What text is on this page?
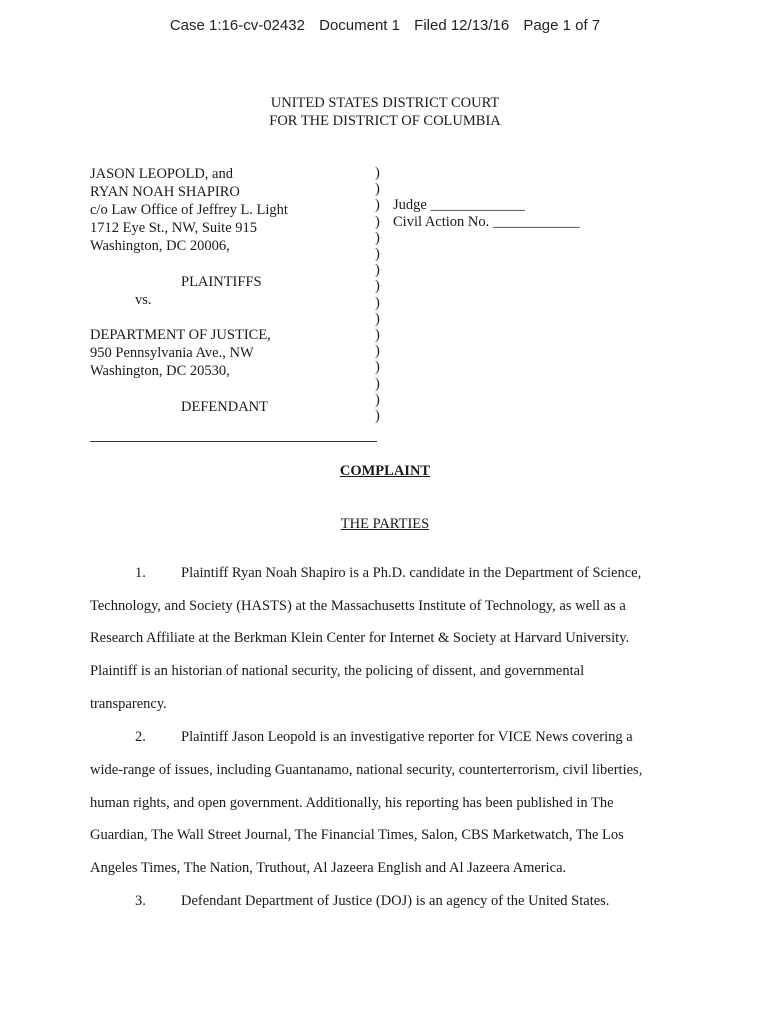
Case 1:16-cv-02432 Document 1 Filed 12/13/16 Page 1 of 7
UNITED STATES DISTRICT COURT
FOR THE DISTRICT OF COLUMBIA
JASON LEOPOLD, and
RYAN NOAH SHAPIRO
c/o Law Office of Jeffrey L. Light
1712 Eye St., NW, Suite 915
Washington, DC 20006,
PLAINTIFFS
vs.
DEPARTMENT OF JUSTICE,
950 Pennsylvania Ave., NW
Washington, DC 20530,
DEFENDANT
)
)
)
)
)
)
)
)
)
)
)
)
)
)
)
)
Judge _____________
Civil Action No. ____________
COMPLAINT
THE PARTIES
1. Plaintiff Ryan Noah Shapiro is a Ph.D. candidate in the Department of Science,
Technology, and Society (HASTS) at the Massachusetts Institute of Technology, as well as a
Research Affiliate at the Berkman Klein Center for Internet & Society at Harvard University.
Plaintiff is an historian of national security, the policing of dissent, and governmental
transparency.
2. Plaintiff Jason Leopold is an investigative reporter for VICE News covering a
wide-range of issues, including Guantanamo, national security, counterterrorism, civil liberties,
human rights, and open government. Additionally, his reporting has been published in The
Guardian, The Wall Street Journal, The Financial Times, Salon, CBS Marketwatch, The Los
Angeles Times, The Nation, Truthout, Al Jazeera English and Al Jazeera America.
3. Defendant Department of Justice (DOJ) is an agency of the United States.
